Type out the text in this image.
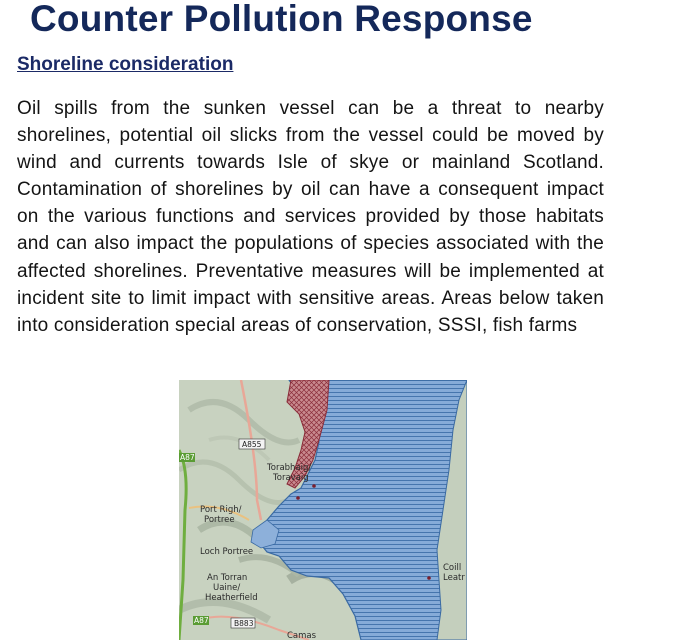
Counter Pollution Response
Shoreline consideration

Oil spills from the sunken vessel can be a threat to nearby shorelines, potential oil slicks from the vessel could be moved by wind and currents towards Isle of skye or mainland Scotland. Contamination of shorelines by oil can have a consequent impact on the various functions and services provided by those habitats and can also impact the populations of species associated with the affected shorelines. Preventative measures will be implemented at incident site to limit impact with sensitive areas. Areas below taken into consideration special areas of conservation, SSSI, fish farms

A855
A87
A87	B883
Torabhaig/
Toravaig
Port Righ/
Portree
Loch Portree
An Torran
Uaine/
Heatherfield
Coill
Leatr
Camas
